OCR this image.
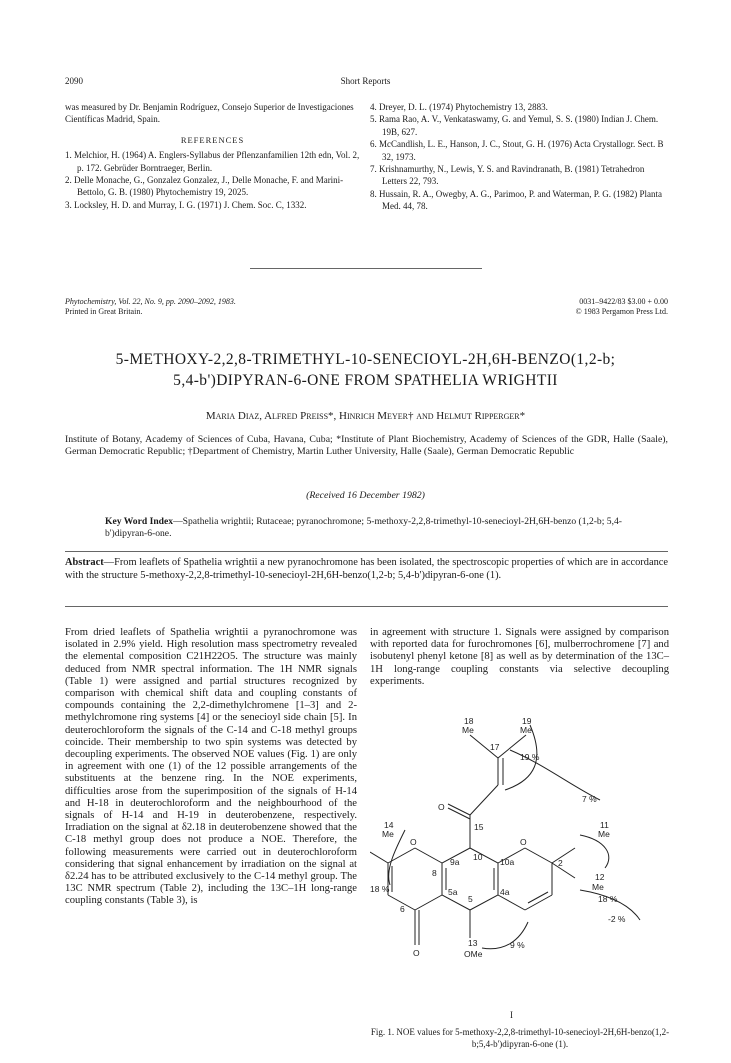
2090	Short Reports

was measured by Dr. Benjamin Rodríguez, Consejo Superior de Investigaciones Científicas Madrid, Spain.

REFERENCES

1. Melchior, H. (1964) A. Englers-Syllabus der Pflenzanfamilien 12th edn, Vol. 2, p. 172. Gebrüder Borntraeger, Berlin.

2. Delle Monache, G., Gonzalez Gonzalez, J., Delle Monache, F. and Marini-Bettolo, G. B. (1980) Phytochemistry 19, 2025.

3. Locksley, H. D. and Murray, I. G. (1971) J. Chem. Soc. C, 1332.

4. Dreyer, D. L. (1974) Phytochemistry 13, 2883.

5. Rama Rao, A. V., Venkataswamy, G. and Yemul, S. S. (1980) Indian J. Chem. 19B, 627.

6. McCandlish, L. E., Hanson, J. C., Stout, G. H. (1976) Acta Crystallogr. Sect. B 32, 1973.

7. Krishnamurthy, N., Lewis, Y. S. and Ravindranath, B. (1981) Tetrahedron Letters 22, 793.

8. Hussain, R. A., Owegby, A. G., Parimoo, P. and Waterman, P. G. (1982) Planta Med. 44, 78.

Phytochemistry, Vol. 22, No. 9, pp. 2090–2092, 1983.
Printed in Great Britain.
0031–9422/83 $3.00 + 0.00
© 1983 Pergamon Press Ltd.
5-METHOXY-2,2,8-TRIMETHYL-10-SENECIOYL-2H,6H-BENZO(1,2-b;
5,4-b')DIPYRAN-6-ONE FROM SPATHELIA WRIGHTII
Maria Diaz, Alfred Preiss*, Hinrich Meyer† and Helmut Ripperger*
Institute of Botany, Academy of Sciences of Cuba, Havana, Cuba; *Institute of Plant Biochemistry, Academy of Sciences of the GDR, Halle (Saale), German Democratic Republic; †Department of Chemistry, Martin Luther University, Halle (Saale), German Democratic Republic
(Received 16 December 1982)
Key Word Index—Spathelia wrightii; Rutaceae; pyranochromone; 5-methoxy-2,2,8-trimethyl-10-senecioyl-2H,6H-benzo (1,2-b; 5,4-b')dipyran-6-one.
Abstract—From leaflets of Spathelia wrightii a new pyranochromone has been isolated, the spectroscopic properties of which are in accordance with the structure 5-methoxy-2,2,8-trimethyl-10-senecioyl-2H,6H-benzo(1,2-b; 5,4-b')dipyran-6-one (1).
From dried leaflets of Spathelia wrightii a pyranochromone was isolated in 2.9% yield. High resolution mass spectrometry revealed the elemental composition C21H22O5. The structure was mainly deduced from NMR spectral information. The 1H NMR signals (Table 1) were assigned and partial structures recognized by comparison with chemical shift data and coupling constants of compounds containing the 2,2-dimethylchromene [1–3] and 2-methylchromone ring systems [4] or the senecioyl side chain [5]. In deuterochloroform the signals of the C-14 and C-18 methyl groups coincide. Their membership to two spin systems was detected by decoupling experiments. The observed NOE values (Fig. 1) are only in agreement with one (1) of the 12 possible arrangements of the substituents at the benzene ring. In the NOE experiments, difficulties arose from the superimposition of the signals of H-14 and H-18 in deuterochloroform and the neighbourhood of the signals of H-14 and H-19 in deuterobenzene, respectively. Irradiation on the signal at δ2.18 in deuterobenzene showed that the C-18 methyl group does not produce a NOE. Therefore, the following measurements were carried out in deuterochloroform considering that signal enhancement by irradiation on the signal at δ2.24 has to be attributed exclusively to the C-14 methyl group. The 13C NMR spectrum (Table 2), including the 13C–1H long-range coupling constants (Table 3), is
in agreement with structure 1. Signals were assigned by comparison with reported data for furochromones [6], mulberrochromene [7] and isobutenyl phenyl ketone [8] as well as by determination of the 13C–1H long-range coupling constants via selective decoupling experiments.
18	19
Me	Me
17
O
15
14
Me
O	O
11
Me
12
Me
8
9a 10 10a	2
5a
5
4a
6
O
13
OMe
19 %
7 %
18 %
18 %
-2 %
9 %
I
Fig. 1. NOE values for 5-methoxy-2,2,8-trimethyl-10-senecioyl-2H,6H-benzo(1,2-b;5,4-b')dipyran-6-one (1).
